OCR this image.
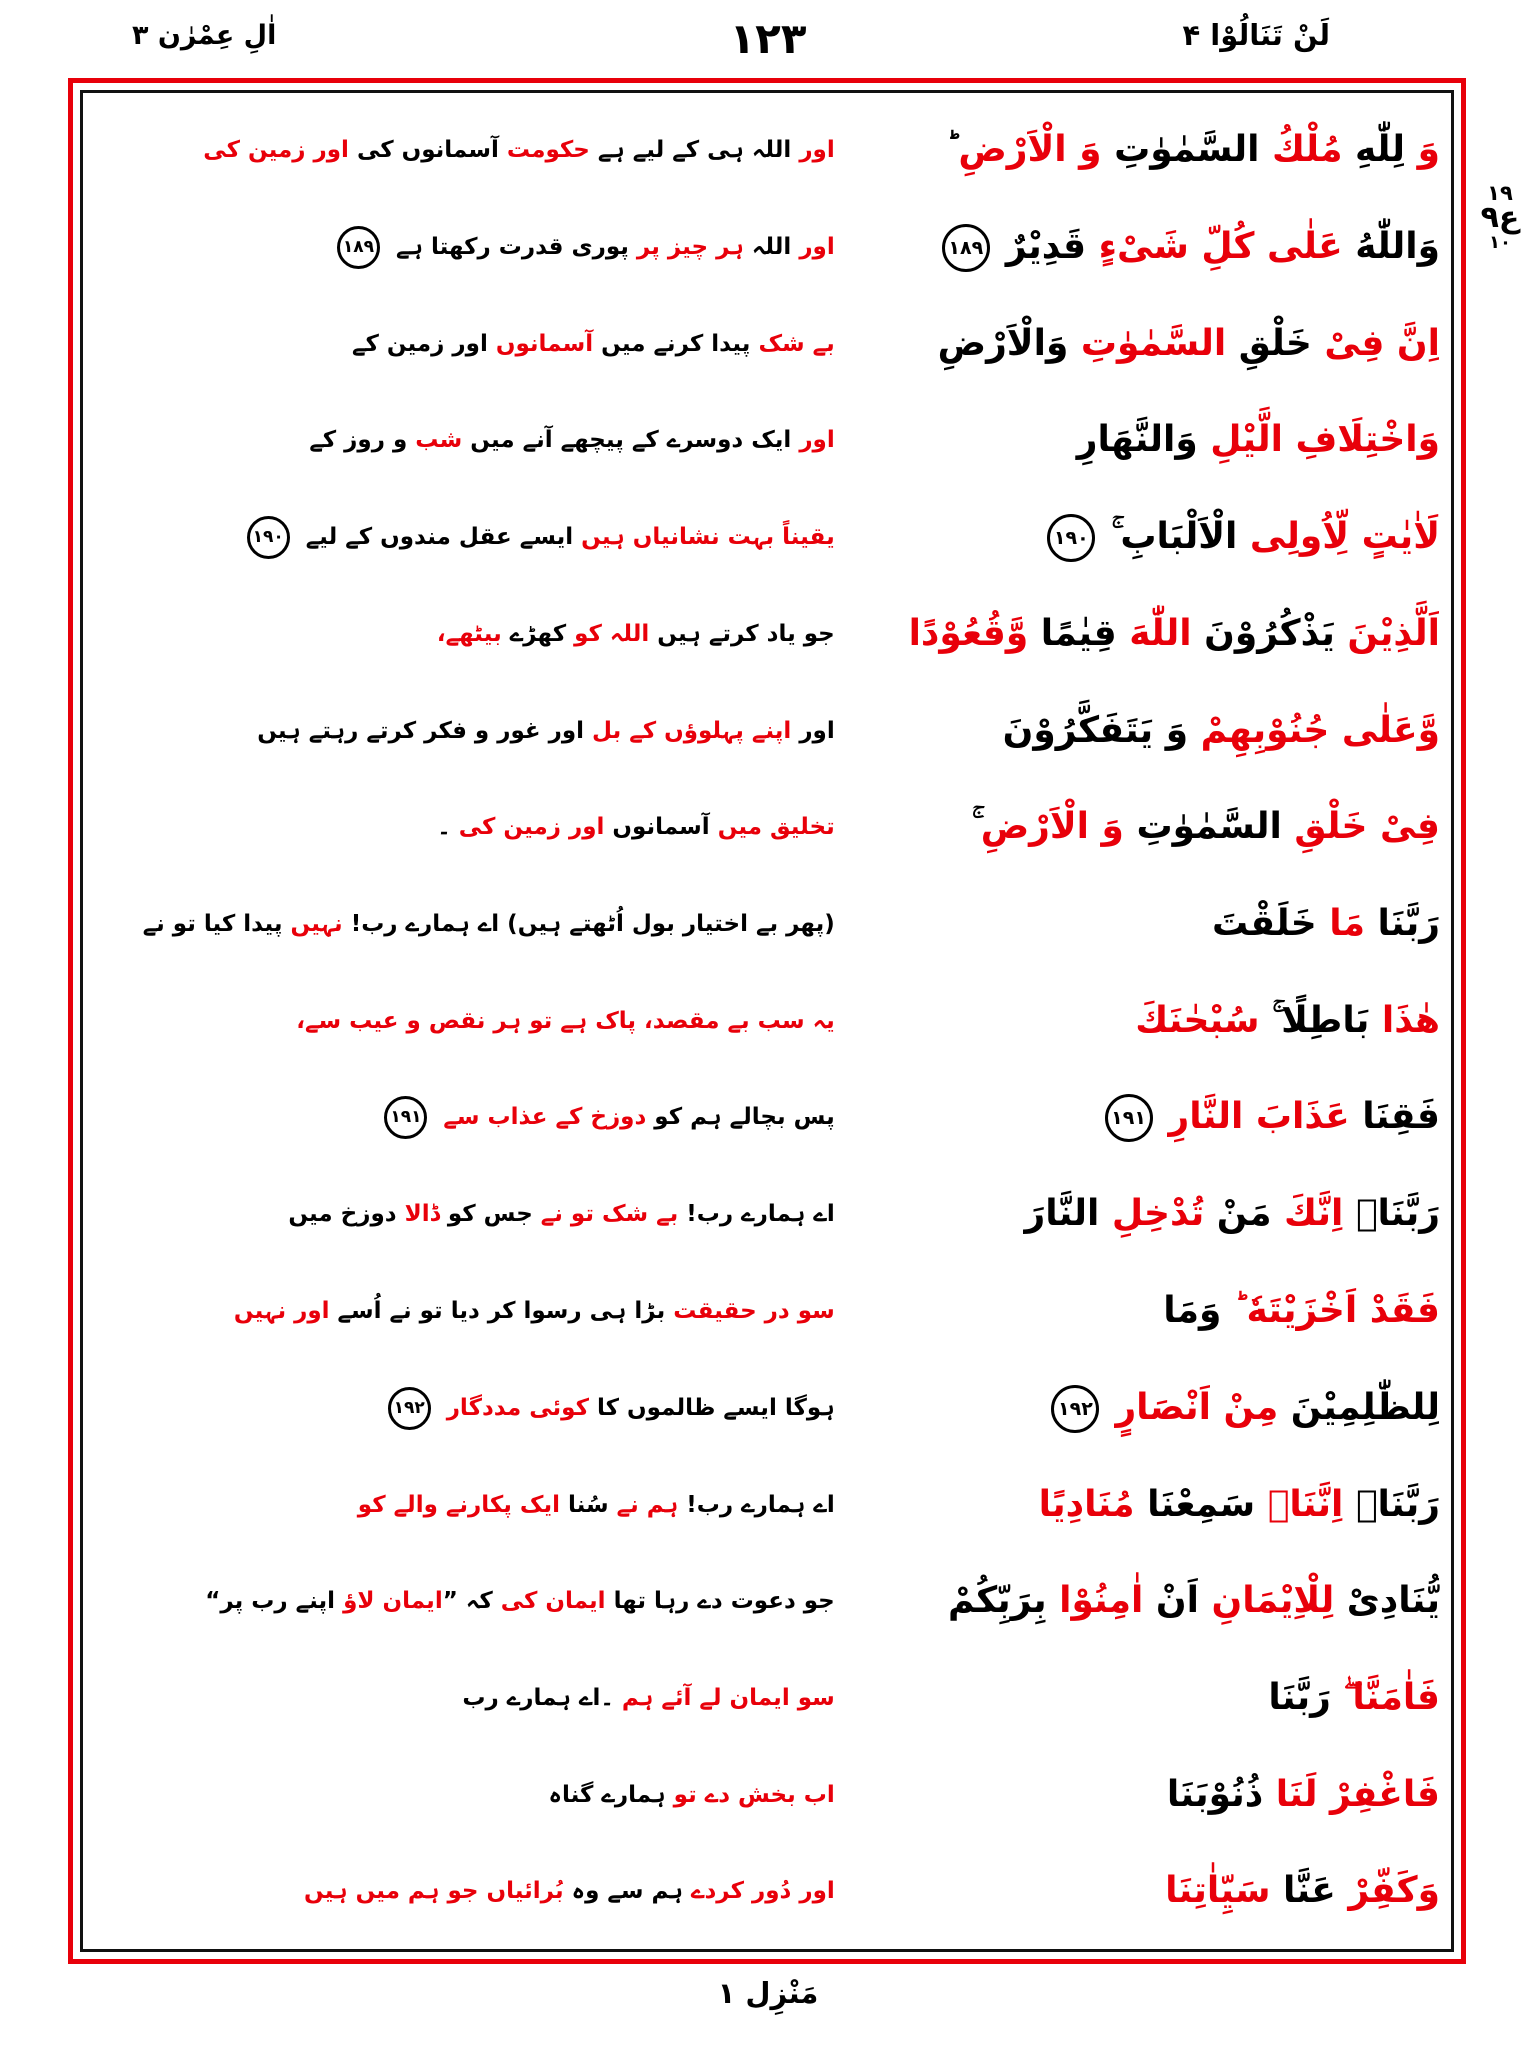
اٰلِ عِمْرٰن ۳	۱۲۳	لَنْ تَنَالُوْا ۴
۱۹
ع۹
۱۰
وَ لِلّٰهِ مُلْكُ السَّمٰوٰتِ وَ الْاَرْضِ ؕ
اور اللہ ہی کے لیے ہے حکومت آسمانوں کی اور زمین کی
وَاللّٰهُ عَلٰی كُلِّ شَیْءٍ قَدِیْرٌ۱۸۹
اور اللہ ہر چیز پر پوری قدرت رکھتا ہے۱۸۹
اِنَّ فِیْ خَلْقِ السَّمٰوٰتِ وَالْاَرْضِ
بے شک پیدا کرنے میں آسمانوں اور زمین کے
وَاخْتِلَافِ الَّیْلِ وَالنَّهَارِ
اور ایک دوسرے کے پیچھے آنے میں شب و روز کے
لَاٰیٰتٍ لِّاُولِی الْاَلْبَابِ ۚ۱۹۰
یقیناً بہت نشانیاں ہیں ایسے عقل مندوں کے لیے۱۹۰
اَلَّذِیْنَ یَذْكُرُوْنَ اللّٰهَ قِیٰمًا وَّقُعُوْدًا
جو یاد کرتے ہیں اللہ کو کھڑے بیٹھے،
وَّعَلٰی جُنُوْبِهِمْ وَ یَتَفَكَّرُوْنَ
اور اپنے پہلوؤں کے بل اور غور و فکر کرتے رہتے ہیں
فِیْ خَلْقِ السَّمٰوٰتِ وَ الْاَرْضِ ۚ
تخلیق میں آسمانوں اور زمین کی ۔
رَبَّنَا مَا خَلَقْتَ
(پھر بے اختیار بول اُٹھتے ہیں) اے ہمارے رب! نہیں پیدا کیا تو نے
هٰذَا بَاطِلًا ۚ سُبْحٰنَكَ
یہ سب بے مقصد، پاک ہے تو ہر نقص و عیب سے،
فَقِنَا عَذَابَ النَّارِ۱۹۱
پس بچالے ہم کو دوزخ کے عذاب سے۱۹۱
رَبَّنَاۤ اِنَّكَ مَنْ تُدْخِلِ النَّارَ
اے ہمارے رب! بے شک تو نے جس کو ڈالا دوزخ میں
فَقَدْ اَخْزَیْتَهٗ ؕ وَمَا
سو در حقیقت بڑا ہی رسوا کر دیا تو نے اُسے اور نہیں
لِلظّٰلِمِیْنَ مِنْ اَنْصَارٍ۱۹۲
ہوگا ایسے ظالموں کا کوئی مددگار۱۹۲
رَبَّنَاۤ اِنَّنَاۤ سَمِعْنَا مُنَادِیًا
اے ہمارے رب! ہم نے سُنا ایک پکارنے والے کو
یُّنَادِیْ لِلْاِیْمَانِ اَنْ اٰمِنُوْا بِرَبِّكُمْ
جو دعوت دے رہا تھا ایمان کی کہ ”ایمان لاؤ اپنے رب پر“
فَاٰمَنَّا ۖ رَبَّنَا
سو ایمان لے آئے ہم ۔اے ہمارے رب
فَاغْفِرْ لَنَا ذُنُوْبَنَا
اب بخش دے تو ہمارے گناہ
وَكَفِّرْ عَنَّا سَیِّاٰتِنَا
اور دُور کردے ہم سے وہ بُرائیاں جو ہم میں ہیں
مَنْزِل ۱
